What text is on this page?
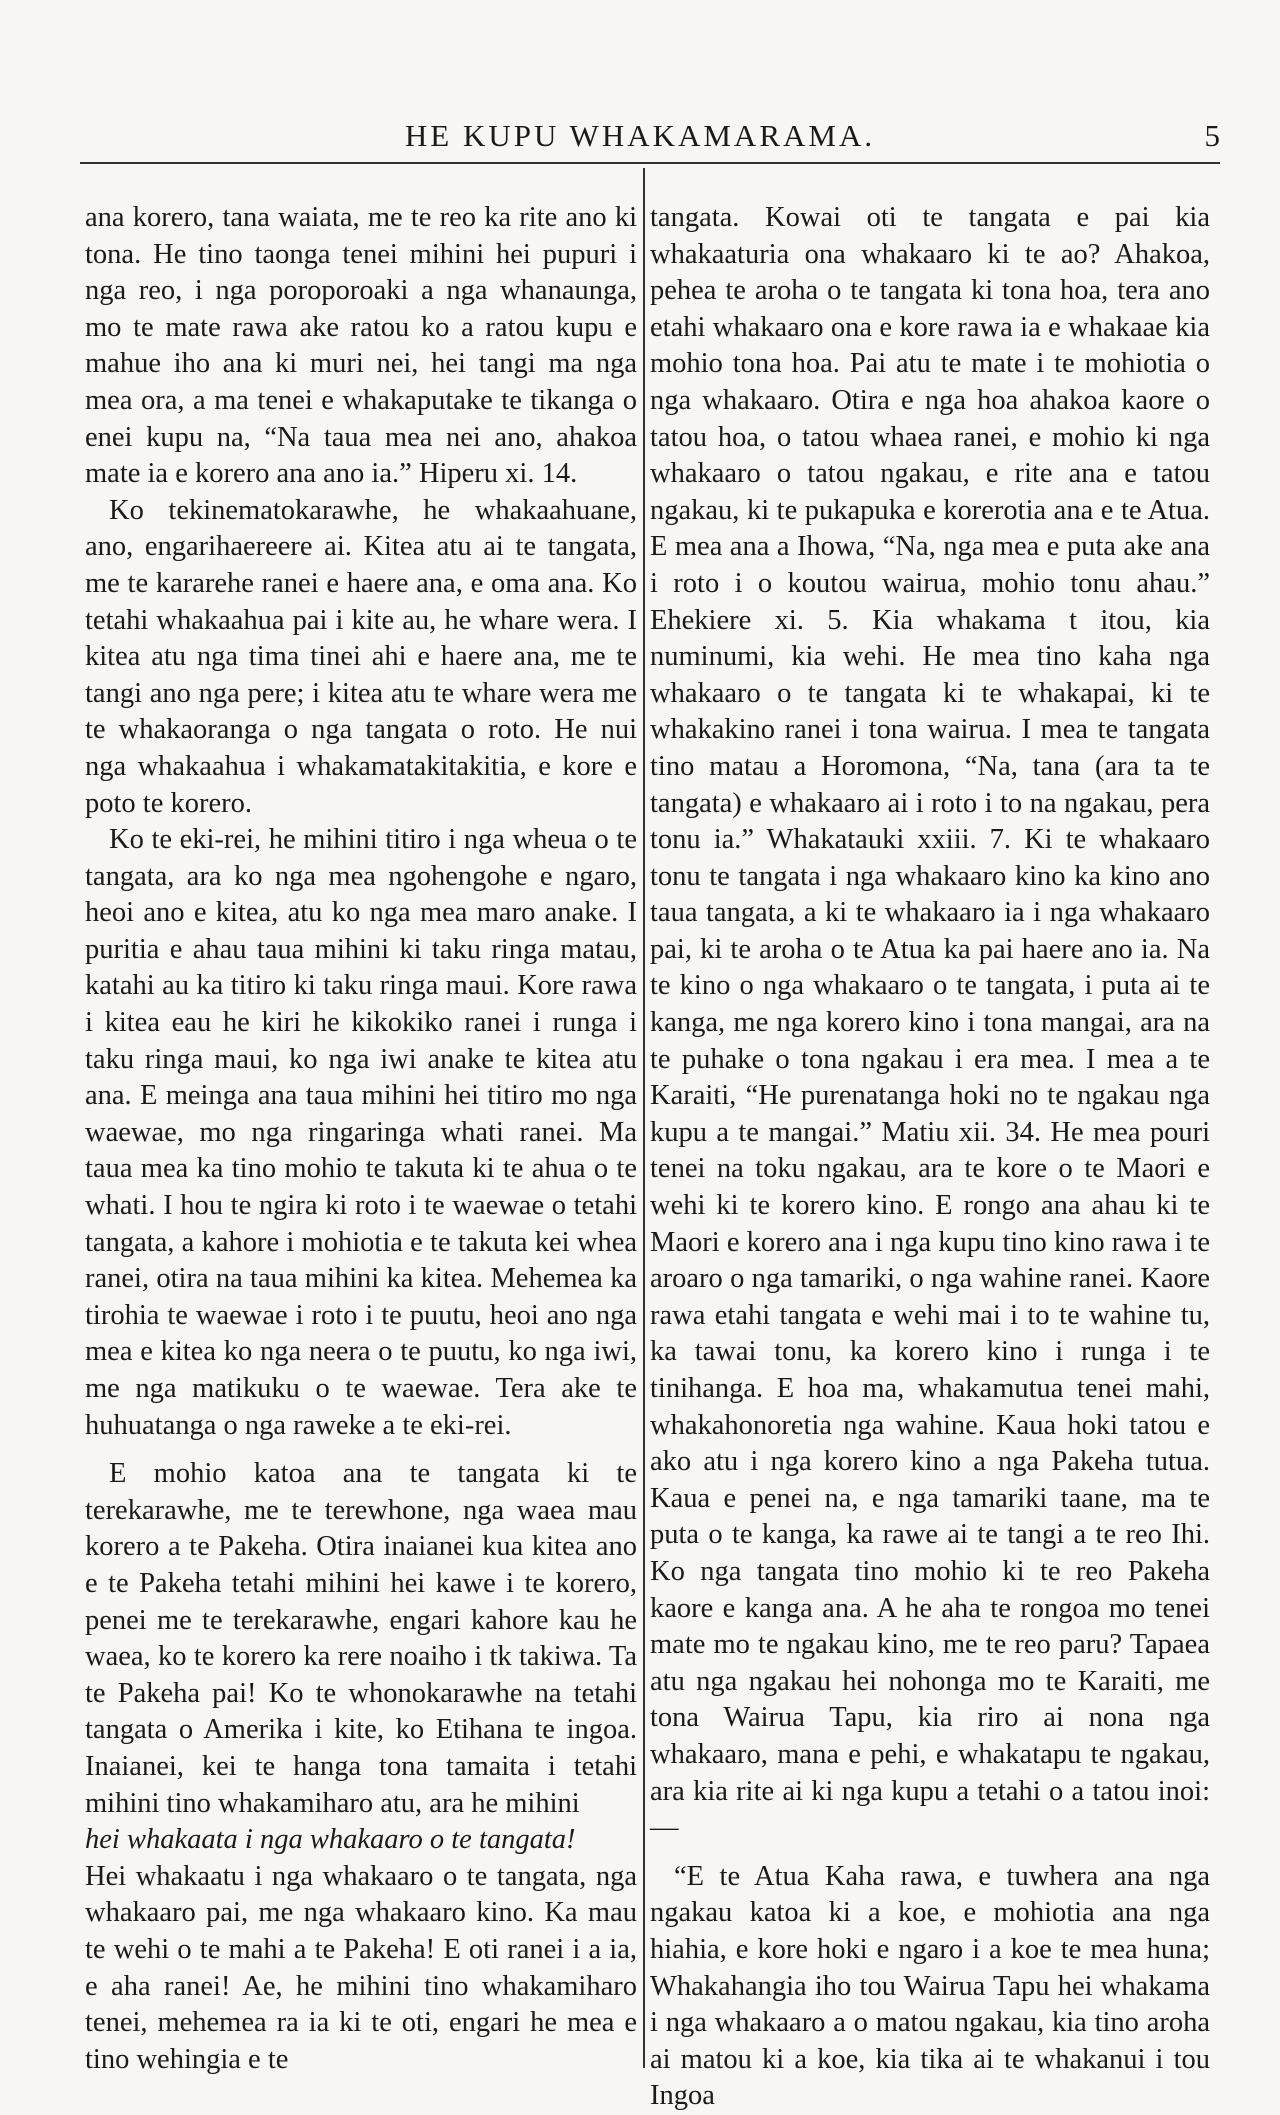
HE KUPU WHAKAMARAMA.	5

ana korero, tana waiata, me te reo ka rite ano ki tona. He tino taonga tenei mihini hei pupuri i nga reo, i nga poroporoaki a nga whanaunga, mo te mate rawa ake ratou ko a ratou kupu e mahue iho ana ki muri nei, hei tangi ma nga mea ora, a ma tenei e whakaputake te tikanga o enei kupu na, “Na taua mea nei ano, ahakoa mate ia e korero ana ano ia.” Hiperu xi. 14.

Ko tekinematokarawhe, he whakaahuane, ano, engarihaereere ai. Kitea atu ai te tangata, me te kararehe ranei e haere ana, e oma ana. Ko tetahi whakaahua pai i kite au, he whare wera. I kitea atu nga tima tinei ahi e haere ana, me te tangi ano nga pere; i kitea atu te whare wera me te whakaoranga o nga tangata o roto. He nui nga whakaahua i whakamatakitakitia, e kore e poto te korero.

Ko te eki-rei, he mihini titiro i nga wheua o te tangata, ara ko nga mea ngohengohe e ngaro, heoi ano e kitea, atu ko nga mea maro anake. I puritia e ahau taua mihini ki taku ringa matau, katahi au ka titiro ki taku ringa maui. Kore rawa i kitea eau he kiri he kikokiko ranei i runga i taku ringa maui, ko nga iwi anake te kitea atu ana. E meinga ana taua mihini hei titiro mo nga waewae, mo nga ringaringa whati ranei. Ma taua mea ka tino mohio te takuta ki te ahua o te whati. I hou te ngira ki roto i te waewae o tetahi tangata, a kahore i mohiotia e te takuta kei whea ranei, otira na taua mihini ka kitea. Mehemea ka tirohia te waewae i roto i te puutu, heoi ano nga mea e kitea ko nga neera o te puutu, ko nga iwi, me nga matikuku o te waewae. Tera ake te huhuatanga o nga raweke a te eki-rei.

E mohio katoa ana te tangata ki te terekarawhe, me te terewhone, nga waea mau korero a te Pakeha. Otira inaianei kua kitea ano e te Pakeha tetahi mihini hei kawe i te korero, penei me te terekarawhe, engari kahore kau he waea, ko te korero ka rere noaiho i tk takiwa. Ta te Pakeha pai! Ko te whonokarawhe na tetahi tangata o Amerika i kite, ko Etihana te ingoa. Inaianei, kei te hanga tona tamaita i tetahi mihini tino whakamiharo atu, ara he mihini

hei whakaata i nga whakaaro o te tangata!

Hei whakaatu i nga whakaaro o te tangata, nga whakaaro pai, me nga whakaaro kino. Ka mau te wehi o te mahi a te Pakeha! E oti ranei i a ia, e aha ranei! Ae, he mihini tino whakamiharo tenei, mehemea ra ia ki te oti, engari he mea e tino wehingia e te

tangata. Kowai oti te tangata e pai kia whakaaturia ona whakaaro ki te ao? Ahakoa, pehea te aroha o te tangata ki tona hoa, tera ano etahi whakaaro ona e kore rawa ia e whakaae kia mohio tona hoa. Pai atu te mate i te mohiotia o nga whakaaro. Otira e nga hoa ahakoa kaore o tatou hoa, o tatou whaea ranei, e mohio ki nga whakaaro o tatou ngakau, e rite ana e tatou ngakau, ki te pukapuka e korerotia ana e te Atua. E mea ana a Ihowa, “Na, nga mea e puta ake ana i roto i o koutou wairua, mohio tonu ahau.” Ehekiere xi. 5. Kia whakama t itou, kia numinumi, kia wehi. He mea tino kaha nga whakaaro o te tangata ki te whakapai, ki te whakakino ranei i tona wairua. I mea te tangata tino matau a Horomona, “Na, tana (ara ta te tangata) e whakaaro ai i roto i to na ngakau, pera tonu ia.” Whakatauki xxiii. 7. Ki te whakaaro tonu te tangata i nga whakaaro kino ka kino ano taua tangata, a ki te whakaaro ia i nga whakaaro pai, ki te aroha o te Atua ka pai haere ano ia. Na te kino o nga whakaaro o te tangata, i puta ai te kanga, me nga korero kino i tona mangai, ara na te puhake o tona ngakau i era mea. I mea a te Karaiti, “He purenatanga hoki no te ngakau nga kupu a te mangai.” Matiu xii. 34. He mea pouri tenei na toku ngakau, ara te kore o te Maori e wehi ki te korero kino. E rongo ana ahau ki te Maori e korero ana i nga kupu tino kino rawa i te aroaro o nga tamariki, o nga wahine ranei. Kaore rawa etahi tangata e wehi mai i to te wahine tu, ka tawai tonu, ka korero kino i runga i te tinihanga. E hoa ma, whakamutua tenei mahi, whakahonoretia nga wahine. Kaua hoki tatou e ako atu i nga korero kino a nga Pakeha tutua. Kaua e penei na, e nga tamariki taane, ma te puta o te kanga, ka rawe ai te tangi a te reo Ihi. Ko nga tangata tino mohio ki te reo Pakeha kaore e kanga ana. A he aha te rongoa mo tenei mate mo te ngakau kino, me te reo paru? Tapaea atu nga ngakau hei nohonga mo te Karaiti, me tona Wairua Tapu, kia riro ai nona nga whakaaro, mana e pehi, e whakatapu te ngakau, ara kia rite ai ki nga kupu a tetahi o a tatou inoi:—

“E te Atua Kaha rawa, e tuwhera ana nga ngakau katoa ki a koe, e mohiotia ana nga hiahia, e kore hoki e ngaro i a koe te mea huna; Whakahangia iho tou Wairua Tapu hei whakama i nga whakaaro a o matou ngakau, kia tino aroha ai matou ki a koe, kia tika ai te whakanui i tou Ingoa
